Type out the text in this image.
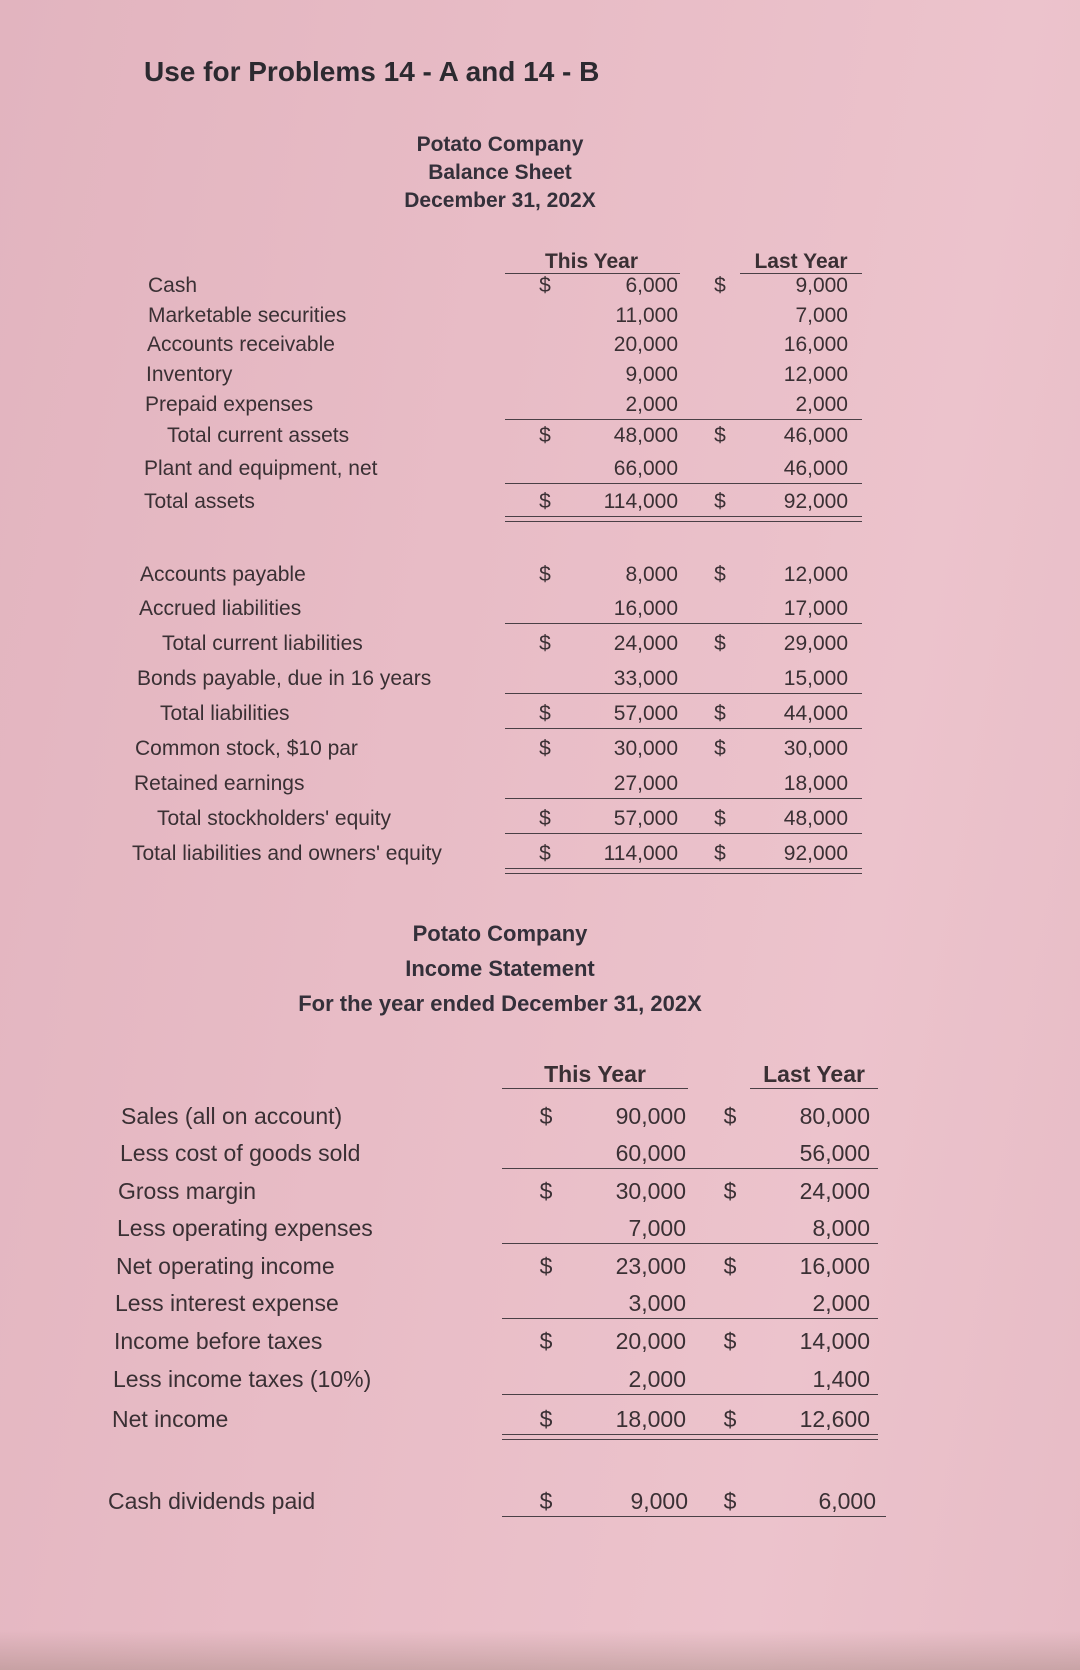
Use for Problems 14 - A and 14 - B
Potato Company
Balance Sheet
December 31, 202X
This Year	Last Year
Cash	$	6,000 $	9,000
Marketable securities	11,000	7,000
Accounts receivable	20,000	16,000
Inventory	9,000	12,000
Prepaid expenses	2,000	2,000
Total current assets	$	48,000 $	46,000
Plant and equipment, net	66,000	46,000
Total assets	$	114,000 $	92,000
Accounts payable	$	8,000 $	12,000
Accrued liabilities	16,000	17,000
Total current liabilities	$	24,000 $	29,000
Bonds payable, due in 16 years	33,000	15,000
Total liabilities	$	57,000 $	44,000
Common stock, $10 par	$	30,000 $	30,000
Retained earnings	27,000	18,000
Total stockholders' equity	$	57,000 $	48,000
Total liabilities and owners' equity	$	114,000 $	92,000
Potato Company
Income Statement
For the year ended December 31, 202X
Sales (all on account)	$	90,000 $	80,000
Less cost of goods sold	60,000	56,000
Gross margin	$	30,000 $	24,000
Less operating expenses	7,000	8,000
Net operating income	$	23,000 $	16,000
Less interest expense	3,000	2,000
Income before taxes	$	20,000 $	14,000
Less income taxes (10%)	2,000	1,400
Net income	$	18,000 $	12,600
This Year	Last Year
Cash dividends paid	$	9,000 $	6,000
